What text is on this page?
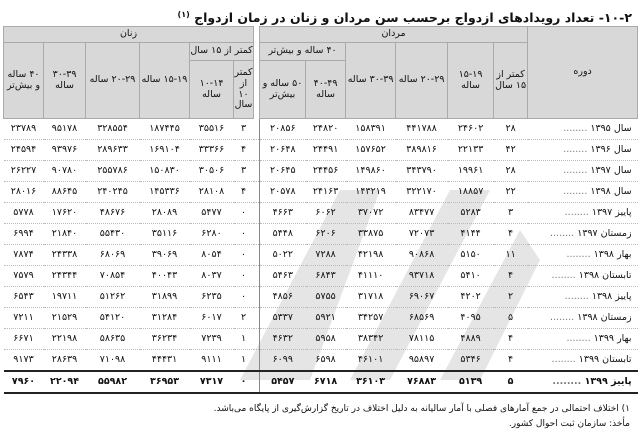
۱۰-۲- تعداد رویدادهای ازدواج برحسب سن مردان و زنان در زمان ازدواج $^{(۱)}$
دوره	مردان							زنان					
	کمتر از ۱۵ سال	۱۵-۱۹ ساله	۲۰-۲۹ ساله	۳۰-۳۹ ساله	۴۰ ساله و بیش‌تر			کمتر از ۱۵ سال		۱۵-۱۹ ساله	۲۰-۲۹ ساله	۳۰-۳۹ ساله	۴۰ ساله و بیش‌تر
					۴۰-۴۹ ساله	۵۰ ساله و بیش‌تر		کمتر از ۱۰ سال	۱۰-۱۴ ساله				
سال ۱۳۹۵ ........	۲۸	۲۴۶۰۲	۴۴۱۷۸۸	۱۵۸۳۹۱	۲۴۸۲۰	۲۰۸۵۶		۳	۳۵۵۱۶	۱۸۷۴۴۵	۳۲۸۵۵۴	۹۵۱۷۸	۲۳۷۸۹
سال ۱۳۹۶ ........	۴۲	۲۲۱۳۳	۳۸۹۸۱۶	۱۵۷۶۵۲	۲۴۴۹۱	۲۰۶۴۸		۴	۳۳۳۶۶	۱۶۹۱۰۴	۲۸۹۶۳۳	۹۳۹۷۶	۲۴۵۹۴
سال ۱۳۹۷ ........	۲۸	۱۹۹۶۱	۳۴۳۷۹۰	۱۴۹۸۶۰	۲۴۴۵۶	۲۰۶۴۵		۳	۳۰۵۰۶	۱۵۰۸۳۰	۲۵۵۷۸۶	۹۰۷۸۰	۲۶۲۲۷
سال ۱۳۹۸ ........	۲۲	۱۸۸۵۷	۳۲۲۱۷۰	۱۴۳۲۱۹	۲۴۱۶۳	۲۰۵۷۸		۴	۲۸۱۰۸	۱۴۵۳۳۶	۲۴۰۲۴۵	۸۸۶۴۵	۲۸۰۱۶
پاییز ۱۳۹۷ ........	۳	۵۲۸۳	۸۳۴۷۷	۳۷۰۷۲	۶۰۶۲	۴۶۶۳		۰	۵۴۷۷	۲۸۰۸۹	۴۸۶۷۶	۱۷۶۲۰	۵۷۷۸
زمستان ۱۳۹۷ ........	۴	۴۱۴۴	۷۲۰۷۳	۳۳۸۷۵	۶۲۰۶	۵۴۴۸		۰	۶۲۸۰	۳۵۱۱۶	۵۵۴۳۰	۲۱۸۴۰	۶۹۹۴
بهار ۱۳۹۸ ........	۱۱	۵۱۵۰	۹۰۸۶۸	۴۲۱۹۸	۷۲۸۸	۵۰۲۲		۰	۸۰۵۴	۳۹۰۶۹	۶۸۰۶۹	۲۴۳۳۸	۷۸۷۴
تابستان ۱۳۹۸ ........	۴	۵۴۱۰	۹۳۷۱۸	۴۱۱۱۰	۶۸۴۳	۵۴۶۳		۰	۸۰۳۷	۴۰۰۴۳	۷۰۸۵۴	۲۴۳۴۴	۷۵۷۹
پاییز ۱۳۹۸ ........	۲	۴۲۰۲	۶۹۰۶۷	۳۱۷۱۸	۵۷۵۵	۴۸۵۶		۰	۶۲۳۵	۳۱۸۹۹	۵۱۲۶۲	۱۹۷۱۱	۶۵۴۳
زمستان ۱۳۹۸ ........	۵	۴۰۹۵	۶۸۵۶۹	۳۴۲۵۷	۵۹۲۱	۵۳۳۷		۲	۶۰۱۷	۳۱۲۸۴	۵۴۱۲۰	۲۱۵۲۹	۷۲۱۱
بهار ۱۳۹۹ ........	۴	۴۸۸۹	۷۸۱۱۵	۳۸۳۴۲	۵۹۵۸	۴۶۳۲		۱	۷۲۳۹	۳۶۲۳۴	۵۸۶۳۵	۲۲۱۹۸	۶۶۷۱
تابستان ۱۳۹۹ ........	۴	۵۳۴۶	۹۵۸۹۷	۴۶۱۰۱	۶۵۹۸	۶۰۹۹		۱	۹۱۱۱	۴۴۴۳۱	۷۱۰۹۸	۲۸۶۳۹	۹۱۷۳
پاییز ۱۳۹۹ ........	۵	۵۱۳۹	۷۶۸۸۳	۳۶۱۰۳	۶۷۱۸	۵۴۵۷		۰	۷۳۱۷	۳۶۹۵۳	۵۵۹۸۲	۲۲۰۹۴	۷۹۶۰
۱) اختلاف احتمالی در جمع آمارهای فصلی با آمار سالیانه به دلیل اختلاف در تاریخ گزارش‌گیری از پایگاه می‌باشد.
مأخذ: سازمان ثبت احوال کشور.
